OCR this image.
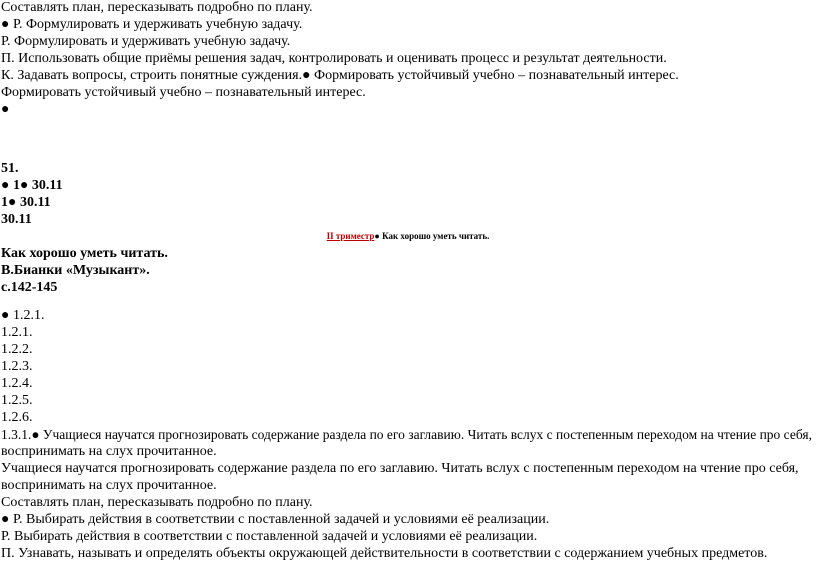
Составлять план, пересказывать подробно по плану.
● Р. Формулировать и удерживать учебную задачу.
Р. Формулировать и удерживать учебную задачу.
П. Использовать общие приёмы решения задач, контролировать и оценивать процесс и результат деятельности.
К. Задавать вопросы, строить понятные суждения.● Формировать устойчивый учебно – познавательный интерес.
Формировать устойчивый учебно – познавательный интерес.
●
51.
● 1● 30.11
1● 30.11
30.11
II триместр● Как хорошо уметь читать.
Как хорошо уметь читать.
В.Бианки «Музыкант».
с.142-145
● 1.2.1.
1.2.1.
1.2.2.
1.2.3.
1.2.4.
1.2.5.
1.2.6.
1.3.1.● Учащиеся научатся прогнозировать содержание раздела по его заглавию. Читать вслух с постепенным переходом на чтение про себя,
воспринимать на слух прочитанное.
Учащиеся научатся прогнозировать содержание раздела по его заглавию. Читать вслух с постепенным переходом на чтение про себя,
воспринимать на слух прочитанное.
Составлять план, пересказывать подробно по плану.
● Р. Выбирать действия в соответствии с поставленной задачей и условиями её реализации.
Р. Выбирать действия в соответствии с поставленной задачей и условиями её реализации.
П. Узнавать, называть и определять объекты окружающей действительности в соответствии с содержанием учебных предметов.
